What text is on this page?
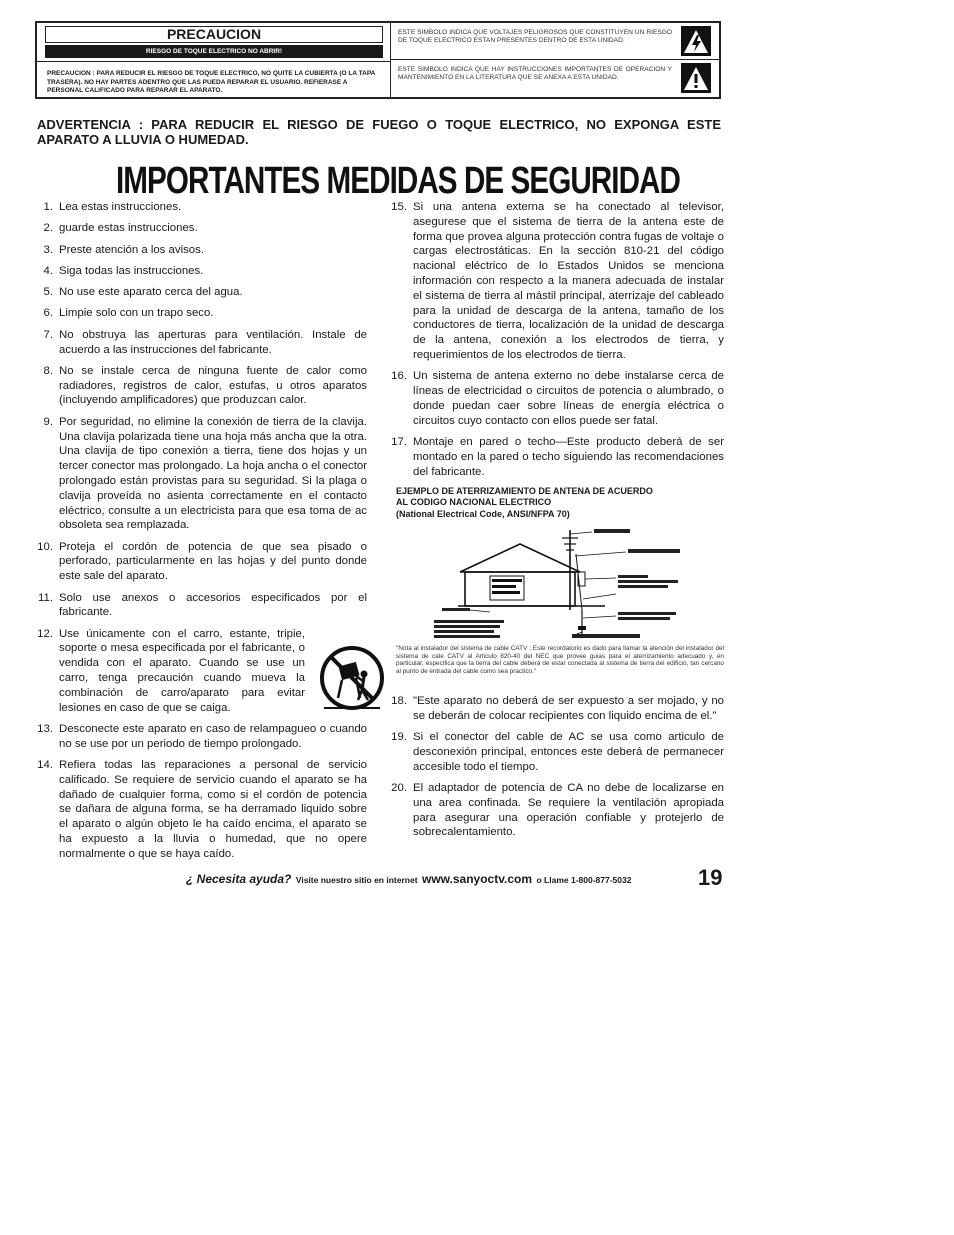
PRECAUCION
RIESGO DE TOQUE ELECTRICO NO ABRIR!
PRECAUCION : PARA REDUCIR EL RIESGO DE TOQUE ELECTRICO, NO QUITE LA CUBIERTA (O LA TAPA TRASERA). NO HAY PARTES ADENTRO QUE LAS PUEDA REPARAR EL USUARIO. REFIERASE A PERSONAL CALIFICADO PARA REPARAR EL APARATO.
ESTE SIMBOLO INDICA QUE VOLTAJES PELIGROSOS QUE CONSTITUYEN UN RIESGO DE TOQUE ELECTRICO ESTAN PRESENTES DENTRO DE ESTA UNIDAD.
ESTE SIMBOLO INDICA QUE HAY INSTRUCCIONES IMPORTANTES DE OPERACION Y MANTENIMIENTO EN LA LITERATURA QUE SE ANEXA A ESTA UNIDAD.
ADVERTENCIA : PARA REDUCIR EL RIESGO DE FUEGO O TOQUE ELECTRICO, NO EXPONGA ESTE APARATO A LLUVIA O HUMEDAD.
IMPORTANTES MEDIDAS DE SEGURIDAD
1. Lea estas instrucciones.
2. guarde estas instrucciones.
3. Preste atención a los avisos.
4. Siga todas las instrucciones.
5. No use este aparato cerca del agua.
6. Limpie solo con un trapo seco.
7. No obstruya las aperturas para ventilación. Instale de acuerdo a las instrucciones del fabricante.
8. No se instale cerca de ninguna fuente de calor como radiadores, registros de calor, estufas, u otros aparatos (incluyendo amplificadores) que produzcan calor.
9. Por seguridad, no elimine la conexión de tierra de la clavija. Una clavija polarizada tiene una hoja más ancha que la otra. Una clavija de tipo conexión a tierra, tiene dos hojas y un tercer conector mas prolongado. La hoja ancha o el conector prolongado están provistas para su seguridad. Si la plaga o clavija proveída no asienta correctamente en el contacto eléctrico, consulte a un electricista para que esa toma de ac obsoleta sea remplazada.
10. Proteja el cordón de potencia de que sea pisado o perforado, particularmente en las hojas y del punto donde este sale del aparato.
11. Solo use anexos o accesorios especificados por el fabricante.
12. Use únicamente con el carro, estante, tripie, soporte o mesa especificada por el fabricante, o vendida con el aparato. Cuando se use un carro, tenga precaución cuando mueva la combinación de carro/aparato para evitar lesiones en caso de que se caiga.
13. Desconecte este aparato en caso de relampagueo o cuando no se use por un periodo de tiempo prolongado.
14. Refiera todas las reparaciones a personal de servicio calificado. Se requiere de servicio cuando el aparato se ha dañado de cualquier forma, como si el cordón de potencia se dañara de alguna forma, se ha derramado liquido sobre el aparato o algún objeto le ha caído encima, el aparato se ha expuesto a la lluvia o humedad, que no opere normalmente o que se haya caído.
15. Si una antena externa se ha conectado al televisor, asegurese que el sistema de tierra de la antena este de forma que provea alguna protección contra fugas de voltaje o cargas electrostáticas. En la sección 810-21 del código nacional eléctrico de lo Estados Unidos se menciona información con respecto a la manera adecuada de instalar el sistema de tierra al mástil principal, aterrizaje del cableado para la unidad de descarga de la antena, tamaño de los conductores de tierra, localización de la unidad de descarga de la antena, conexión a los electrodos de tierra, y requerimientos de los electrodos de tierra.
16. Un sistema de antena externo no debe instalarse cerca de líneas de electricidad o circuitos de potencia o alumbrado, o donde puedan caer sobre líneas de energía eléctrica o circuitos cuyo contacto con ellos puede ser fatal.
17. Montaje en pared o techo—Este producto deberá de ser montado en la pared o techo siguiendo las recomendaciones del fabricante.
EJEMPLO DE ATERRIZAMIENTO DE ANTENA DE ACUERDO
AL CODIGO NACIONAL ELECTRICO
(National Electrical Code, ANSI/NFPA 70)
"Nota al instalador del sistema de cable CATV : Este recordatorio es dado para llamar la atención del instalador del sistema de cale CATV al Articulo 820-40 del NEC que provee guias para el aterrizamiento adecuado y, en particular, especifica que la tierra del cable deberá de estar conectada al sistema de tierra del edificio, tan cercano al punto de entrada del cable como sea practico."
18. "Este aparato no deberá de ser expuesto a ser mojado, y no se deberán de colocar recipientes con liquido encima de el."
19. Si el conector del cable de AC se usa como articulo de desconexión principal, entonces este deberá de permanecer accesible todo el tiempo.
20. El adaptador de potencia de CA no debe de localizarse en una area confinada. Se requiere la ventilación apropiada para asegurar una operación confiable y protejerlo de sobrecalentamiento.
¿ Necesita ayuda? Visite nuestro sitio en internet www.sanyoctv.com o Llame 1-800-877-5032	19
